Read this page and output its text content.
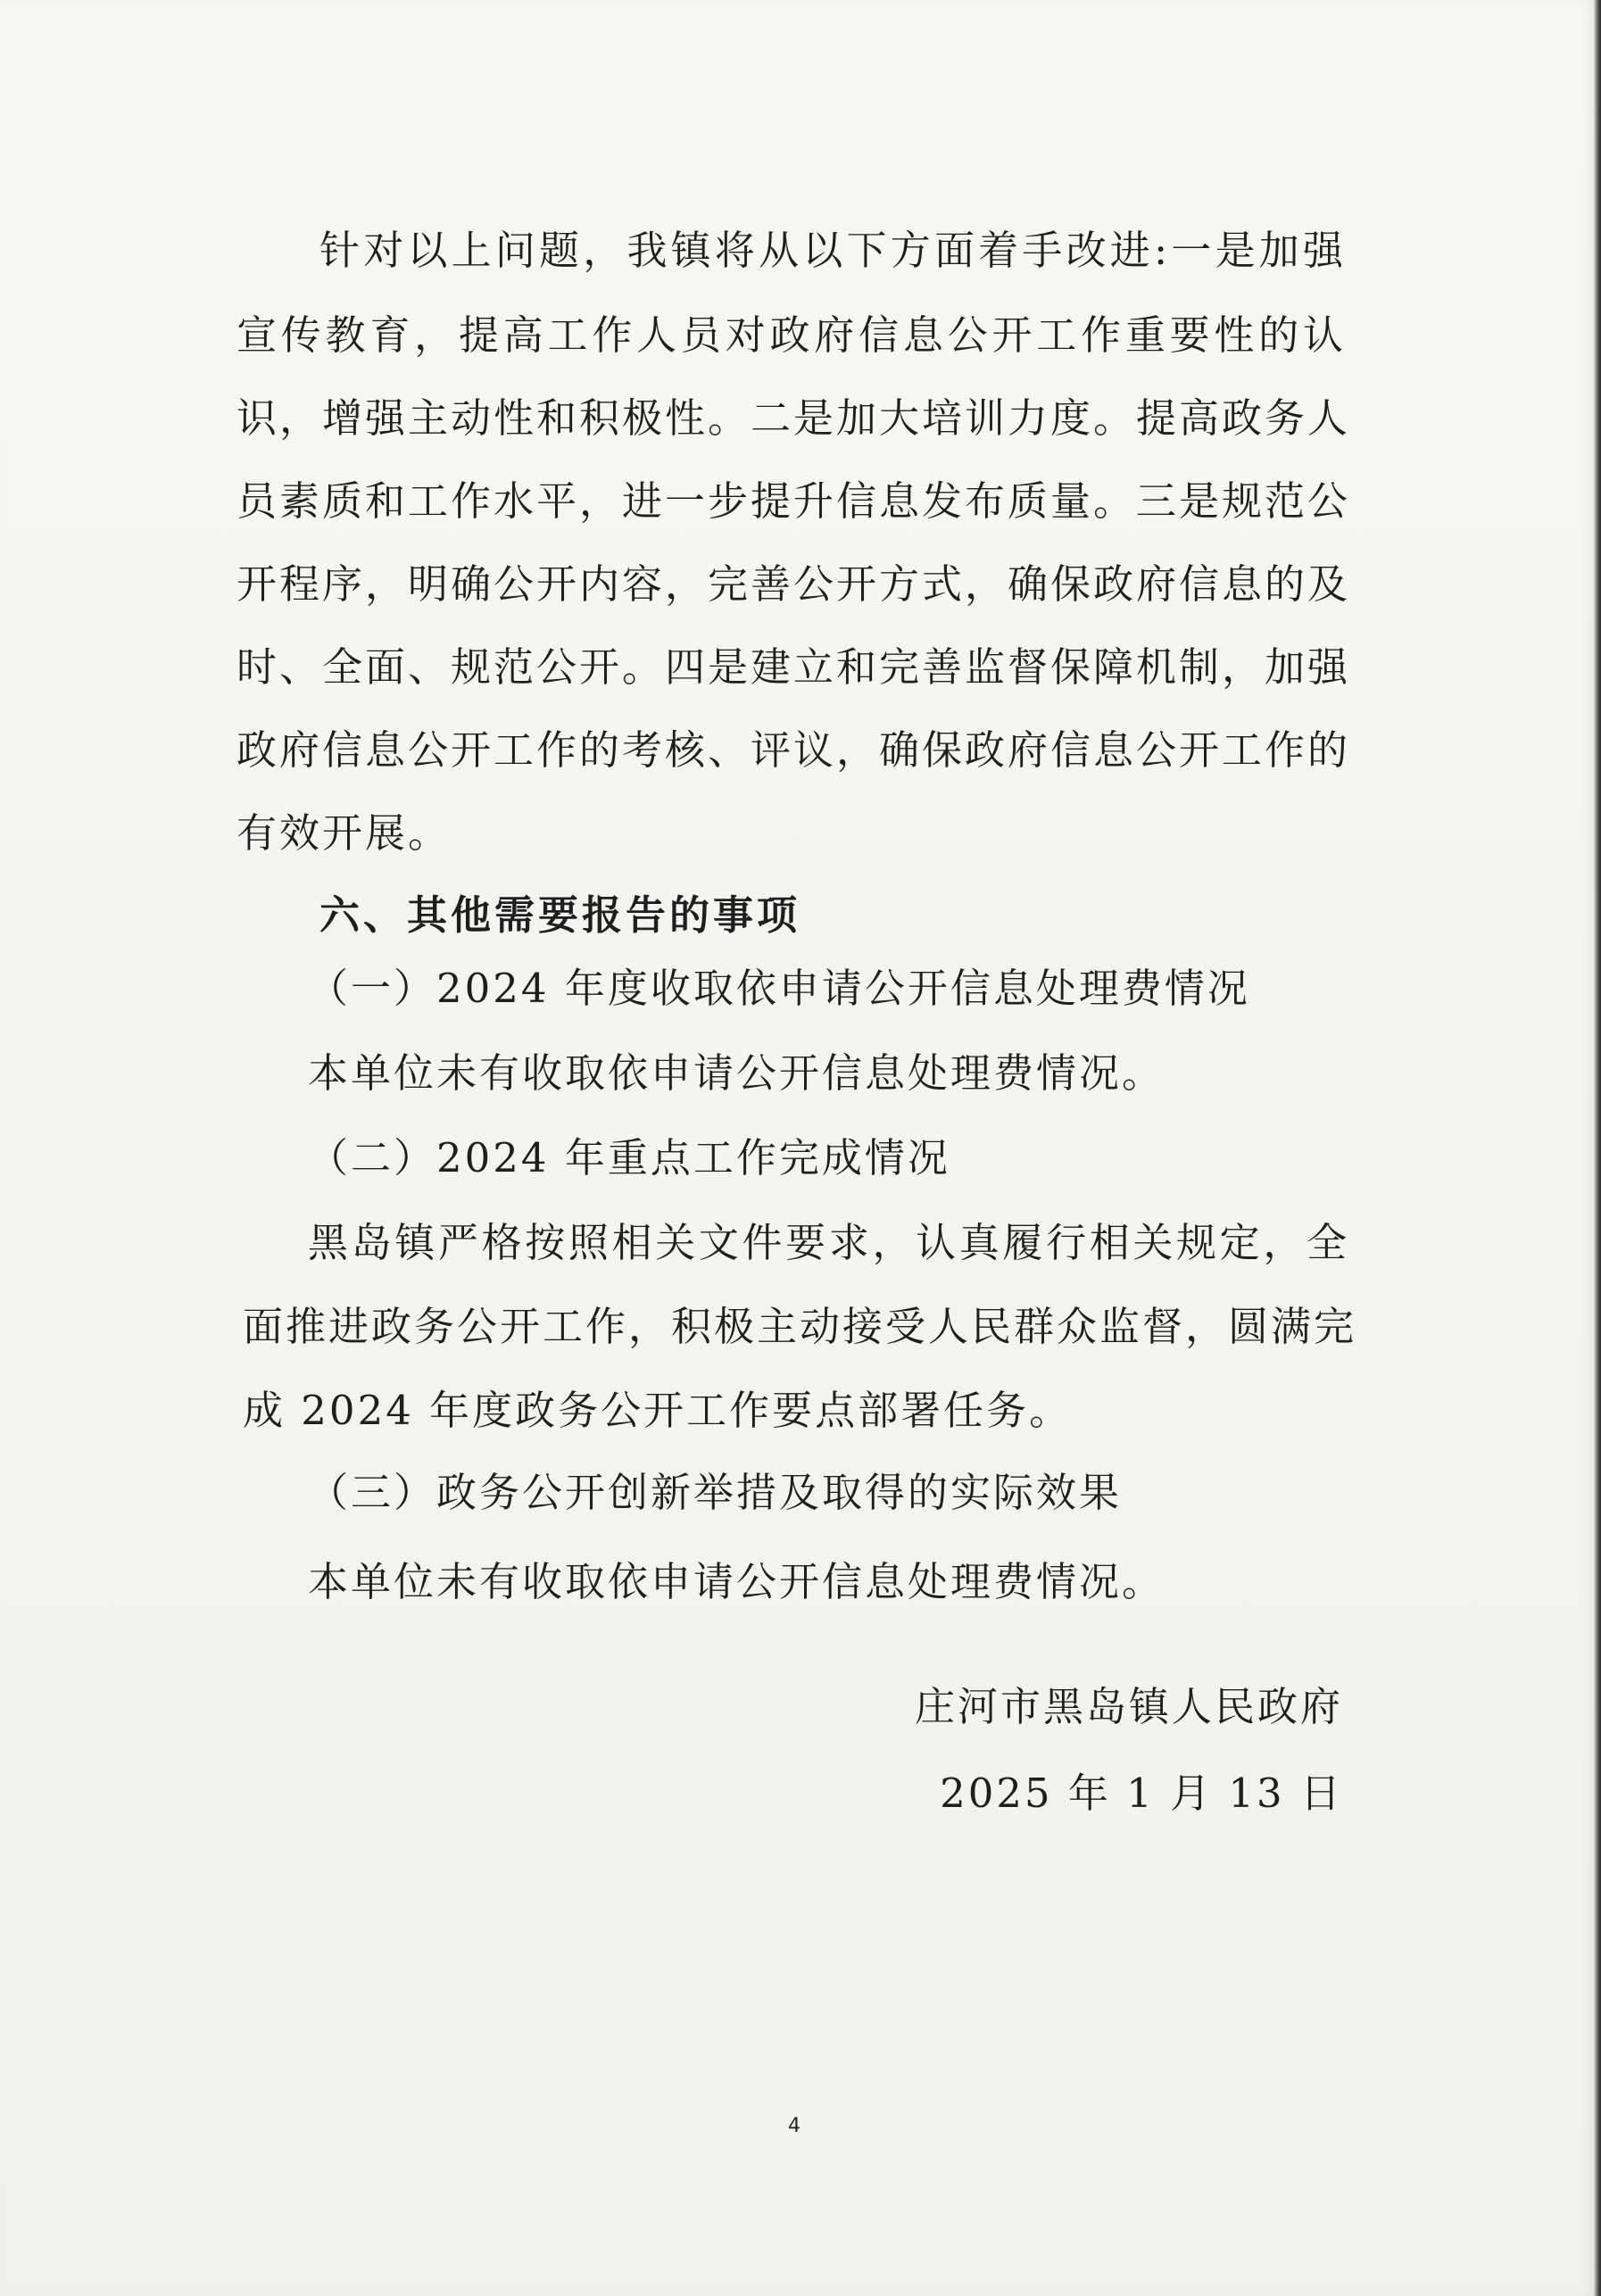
针对以上问题，我镇将从以下方面着手改进:一是加强
宣传教育，提高工作人员对政府信息公开工作重要性的认
识，增强主动性和积极性。二是加大培训力度。提高政务人
员素质和工作水平，进一步提升信息发布质量。三是规范公
开程序，明确公开内容，完善公开方式，确保政府信息的及
时、全面、规范公开。四是建立和完善监督保障机制，加强
政府信息公开工作的考核、评议，确保政府信息公开工作的
有效开展。
六、其他需要报告的事项
（一）2024 年度收取依申请公开信息处理费情况
本单位未有收取依申请公开信息处理费情况。
（二）2024 年重点工作完成情况
黑岛镇严格按照相关文件要求，认真履行相关规定，全
面推进政务公开工作，积极主动接受人民群众监督，圆满完
成 2024 年度政务公开工作要点部署任务。
（三）政务公开创新举措及取得的实际效果
本单位未有收取依申请公开信息处理费情况。
庄河市黑岛镇人民政府
2025 年 1 月 13 日
4
